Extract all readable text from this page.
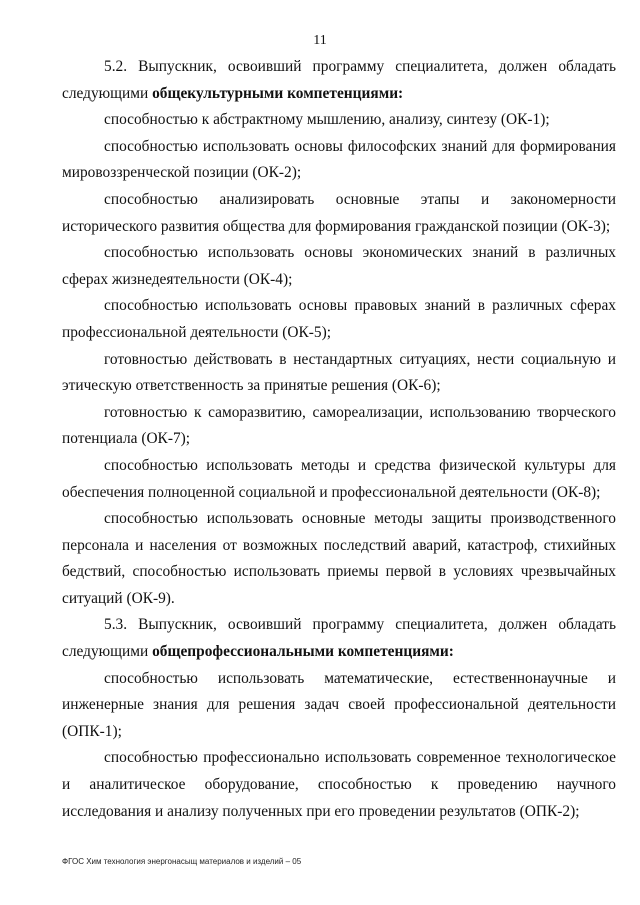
11

5.2. Выпускник, освоивший программу специалитета, должен обладать следующими общекультурными компетенциями:

способностью к абстрактному мышлению, анализу, синтезу (ОК-1);

способностью использовать основы философских знаний для формирования мировоззренческой позиции (ОК-2);

способностью анализировать основные этапы и закономерности исторического развития общества для формирования гражданской позиции (ОК-3);

способностью использовать основы экономических знаний в различных сферах жизнедеятельности (ОК-4);

способностью использовать основы правовых знаний в различных сферах профессиональной деятельности (ОК-5);

готовностью действовать в нестандартных ситуациях, нести социальную и этическую ответственность за принятые решения (ОК-6);

готовностью к саморазвитию, самореализации, использованию творческого потенциала (ОК-7);

способностью использовать методы и средства физической культуры для обеспечения полноценной социальной и профессиональной деятельности (ОК-8);

способностью использовать основные методы защиты производственного персонала и населения от возможных последствий аварий, катастроф, стихийных бедствий, способностью использовать приемы первой в условиях чрезвычайных ситуаций (ОК-9).

5.3. Выпускник, освоивший программу специалитета, должен обладать следующими общепрофессиональными компетенциями:

способностью использовать математические, естественнонаучные и инженерные знания для решения задач своей профессиональной деятельности (ОПК-1);

способностью профессионально использовать современное технологическое и аналитическое оборудование, способностью к проведению научного исследования и анализу полученных при его проведении результатов (ОПК-2);

ФГОС Хим технология энергонасыщ материалов и изделий – 05
